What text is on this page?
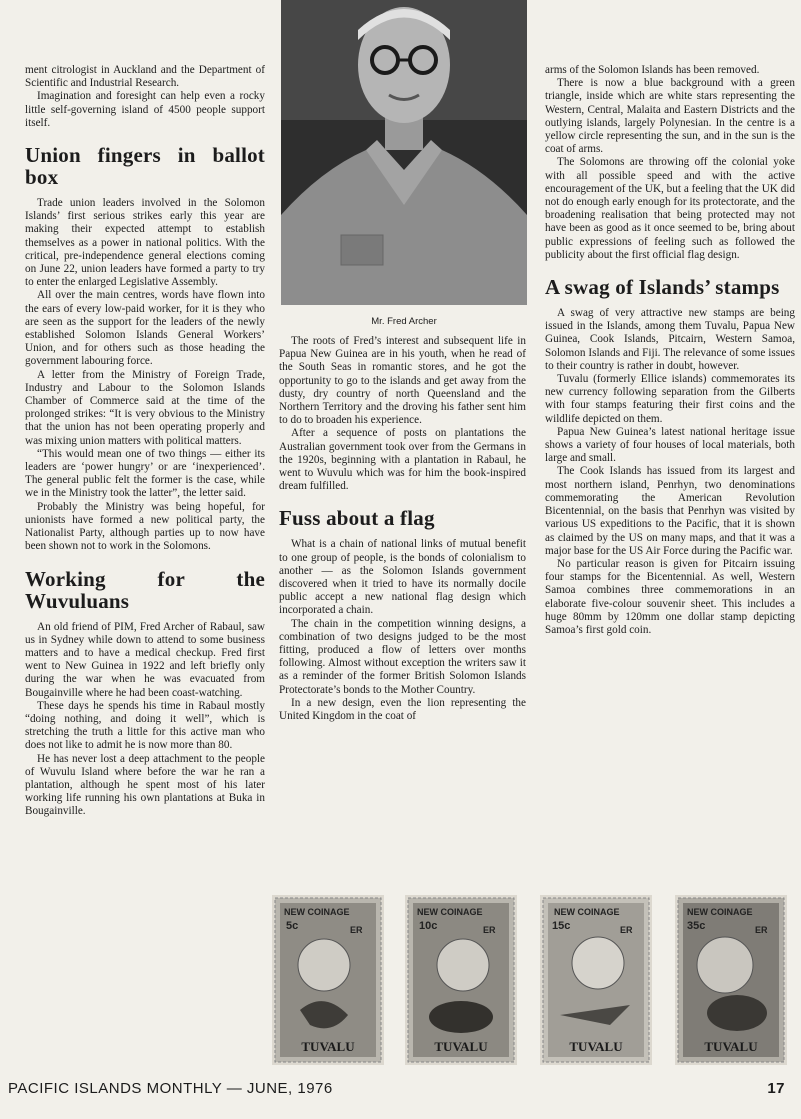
ment citrologist in Auckland and the Department of Scientific and Industrial Research.

Imagination and foresight can help even a rocky little self-governing island of 4500 people support itself.

Union fingers in ballot box

Trade union leaders involved in the Solomon Islands’ first serious strikes early this year are making their expected attempt to establish themselves as a power in national politics. With the critical, pre-independence general elections coming on June 22, union leaders have formed a party to try to enter the enlarged Legislative Assembly.

All over the main centres, words have flown into the ears of every low-paid worker, for it is they who are seen as the support for the leaders of the newly established Solomon Islands General Workers’ Union, and for others such as those heading the government labouring force.

A letter from the Ministry of Foreign Trade, Industry and Labour to the Solomon Islands Chamber of Commerce said at the time of the prolonged strikes: “It is very obvious to the Ministry that the union has not been operating properly and was mixing union matters with political matters.

“This would mean one of two things — either its leaders are ‘power hungry’ or are ‘inexperienced’. The general public felt the former is the case, while we in the Ministry took the latter”, the letter said.

Probably the Ministry was being hopeful, for unionists have formed a new political party, the Nationalist Party, although parties up to now have been shown not to work in the Solomons.

Working for the Wuvuluans

An old friend of PIM, Fred Archer of Rabaul, saw us in Sydney while down to attend to some business matters and to have a medical checkup. Fred first went to New Guinea in 1922 and left briefly only during the war when he was evacuated from Bougainville where he had been coast-watching.

These days he spends his time in Rabaul mostly “doing nothing, and doing it well”, which is stretching the truth a little for this active man who does not like to admit he is now more than 80.

He has never lost a deep attachment to the people of Wuvulu Island where before the war he ran a plantation, although he spent most of his later working life running his own plantations at Buka in Bougainville.

Mr. Fred Archer

The roots of Fred’s interest and subsequent life in Papua New Guinea are in his youth, when he read of the South Seas in romantic stores, and he got the opportunity to go to the islands and get away from the dusty, dry country of north Queensland and the Northern Territory and the droving his father sent him to do to broaden his experience.

After a sequence of posts on plantations the Australian government took over from the Germans in the 1920s, beginning with a plantation in Rabaul, he went to Wuvulu which was for him the book-inspired dream fulfilled.

Fuss about a flag

What is a chain of national links of mutual benefit to one group of people, is the bonds of colonialism to another — as the Solomon Islands government discovered when it tried to have its normally docile public accept a new national flag design which incorporated a chain.

The chain in the competition winning designs, a combination of two designs judged to be the most fitting, produced a flow of letters over months following. Almost without exception the writers saw it as a reminder of the former British Solomon Islands Protectorate’s bonds to the Mother Country.

In a new design, even the lion representing the United Kingdom in the coat of

arms of the Solomon Islands has been removed.

There is now a blue background with a green triangle, inside which are white stars representing the Western, Central, Malaita and Eastern Districts and the outlying islands, largely Polynesian. In the centre is a yellow circle representing the sun, and in the sun is the coat of arms.

The Solomons are throwing off the colonial yoke with all possible speed and with the active encouragement of the UK, but a feeling that the UK did not do enough early enough for its protectorate, and the broadening realisation that being protected may not have been as good as it once seemed to be, bring about public expressions of feeling such as followed the publicity about the first official flag design.

A swag of Islands’ stamps

A swag of very attractive new stamps are being issued in the Islands, among them Tuvalu, Papua New Guinea, Cook Islands, Pitcairn, Western Samoa, Solomon Islands and Fiji. The relevance of some issues to their country is rather in doubt, however.

Tuvalu (formerly Ellice islands) commemorates its new currency following separation from the Gilberts with four stamps featuring their first coins and the wildlife depicted on them.

Papua New Guinea’s latest national heritage issue shows a variety of four houses of local materials, both large and small.

The Cook Islands has issued from its largest and most northern island, Penrhyn, two denominations commemorating the American Revolution Bicentennial, on the basis that Penrhyn was visited by various US expeditions to the Pacific, that it is shown as claimed by the US on many maps, and that it was a major base for the US Air Force during the Pacific war.

No particular reason is given for Pitcairn issuing four stamps for the Bicentennial. As well, Western Samoa combines three commemorations in an elaborate five-colour souvenir sheet. This includes a huge 80mm by 120mm one dollar stamp depicting Samoa’s first gold coin.

NEW COINAGE
5c	ER
TUVALU
NEW COINAGE
10c	ER
TUVALU
NEW COINAGE
15c	ER
TUVALU
NEW COINAGE
35c	ER
TUVALU
PACIFIC ISLANDS MONTHLY — JUNE, 1976	17
